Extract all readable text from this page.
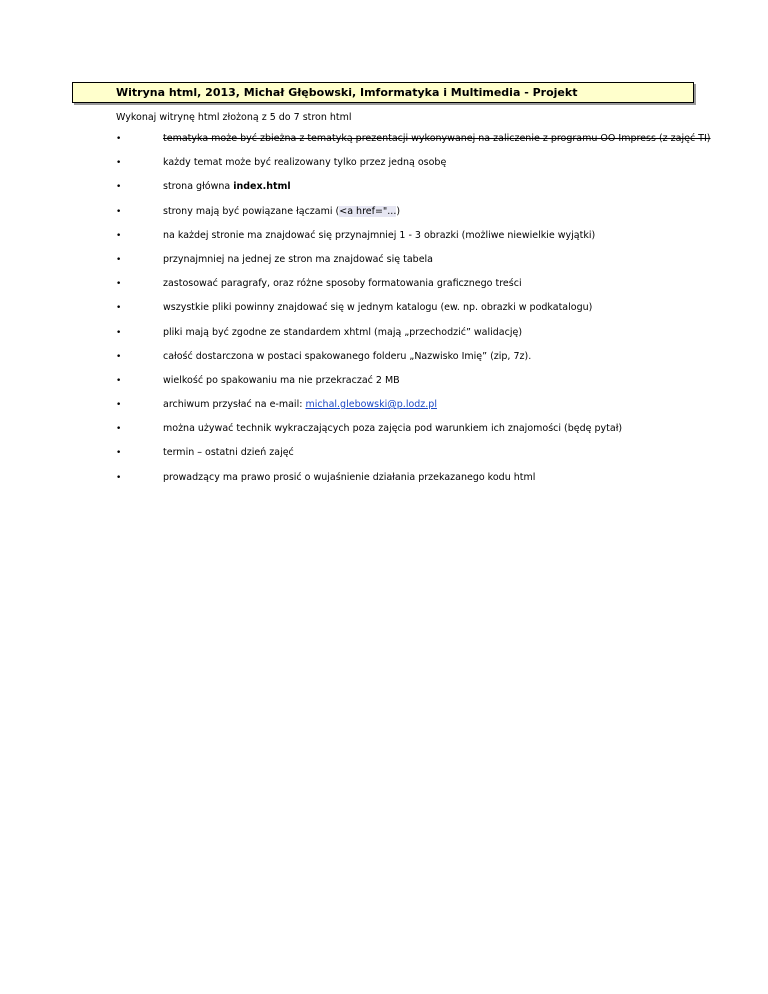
Witryna html, 2013, Michał Głębowski, Imformatyka i Multimedia - Projekt
Wykonaj witrynę html złożoną z 5 do 7 stron html
•	tematyka może być zbieżna z tematyką prezentacji wykonywanej na zaliczenie z programu OO Impress (z zajęć TI)
•	każdy temat może być realizowany tylko przez jedną osobę
•	strona główna index.html
•	strony mają być powiązane łączami (<a href="...)
•	na każdej stronie ma znajdować się przynajmniej 1 - 3 obrazki (możliwe niewielkie wyjątki)
•	przynajmniej na jednej ze stron ma znajdować się tabela
•	zastosować paragrafy, oraz różne sposoby formatowania graficznego treści
•	wszystkie pliki powinny znajdować się w jednym katalogu (ew. np. obrazki w podkatalogu)
•	pliki mają być zgodne ze standardem xhtml (mają „przechodzić” walidację)
•	całość dostarczona w postaci spakowanego folderu „Nazwisko Imię” (zip, 7z).
•	wielkość po spakowaniu ma nie przekraczać 2 MB
•	archiwum przysłać na e-mail: michal.glebowski@p.lodz.pl
•	można używać technik wykraczających poza zajęcia pod warunkiem ich znajomości (będę pytał)
•	termin – ostatni dzień zajęć
•	prowadzący ma prawo prosić o wujaśnienie działania przekazanego kodu html
